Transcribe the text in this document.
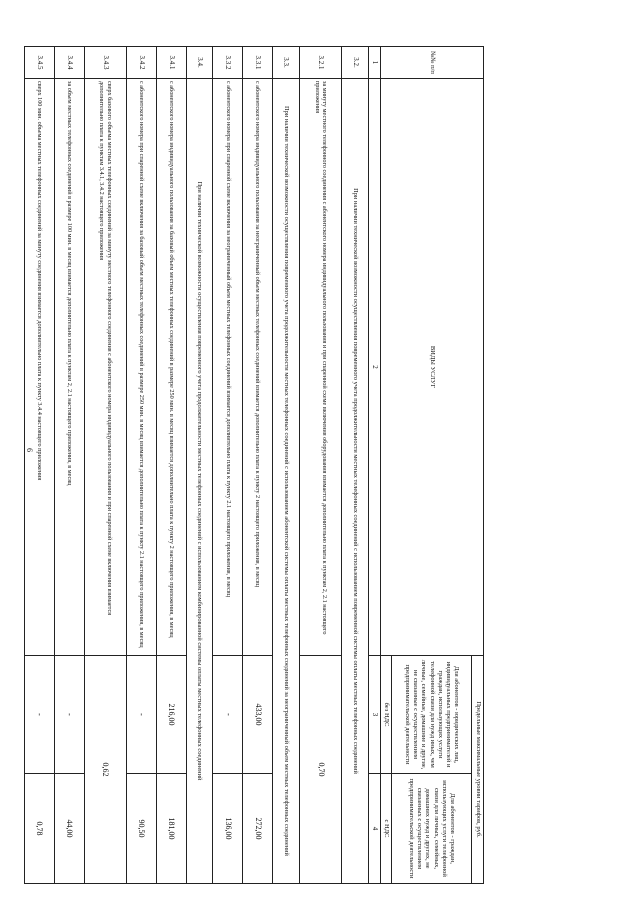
6
№№ п/п	ВИДЫ УСЛУГ	Предельные максимальные уровни тарифов, руб.	
		Для абонентов - юридических лиц, индивидуальных предпринимателей и граждан, использующих услуги телефонной связи для нужд иных, чем личные, семейные, домашние и другие, не связанные с осуществлением предпринимательской деятельности	Для абонентов - граждан, использующих услуги телефонной связи для личных, семейных, домашних нужд и других, не связанных с осуществлением предпринимательской деятельности
		без НДС	с НДС
1	2	3	4
3.2.	При наличии технической возможности осуществления повременного учета продолжительности местных телефонных соединений с использованием повременной системы оплаты местных телефонных соединений		
3.2.1	за минуту местного телефонного соединения с абонентского номера индивидуального пользования и при спаренной схеме включения оборудования взимается дополнительно плата к пунктам 2, 2.1 настоящего приложения	0,70	
3.3.	При наличии технической возможности осуществления повременного учета продолжительности местных телефонных соединений с использованием абонентской системы оплаты местных телефонных соединений за неограниченный объем местных телефонных соединений		
3.3.1	с абонентского номера индивидуального пользования за неограниченный объем местных телефонных соединений взимается дополнительно плата к пункту 2 настоящего приложения, в месяц	433,00	272,00
3.3.2	с абонентского номера при спаренной схеме включения за неограниченный объем местных телефонных соединений взимается дополнительно плата к пункту 2.1 настоящего приложения, в месяц	-	136,00
3.4.	При наличии технической возможности осуществления повременного учета продолжительности местных телефонных соединений с использованием комбинированной системы оплаты местных телефонных соединений		
3.4.1	с абонентского номера индивидуального пользования за базовый объем местных телефонных соединений в размере 250 мин. в месяц взимается дополнительно плата к пункту 2 настоящего приложения, в месяц	216,00	181,00
3.4.2	с абонентского номера при спаренной схеме включения за базовый объем местных телефонных соединений в размере 250 мин. в месяц взимается дополнительно плата к пункту 2.1 настоящего приложения, в месяц	-	90,50
3.4.3	сверх базового объема местных телефонных соединений за минуту местного телефонного соединения с абонентского номера индивидуального пользования и при спаренной схеме включения взимается дополнительно плата к пунктам 3.4.1, 3.4.2 настоящего приложения	0,62	
3.4.4	за объем местных телефонных соединений в размере 100 мин. в месяц взимается дополнительно плата к пунктам 2, 2.1 настоящего приложения, в месяц	-	44,00
3.4.5	сверх 100 мин. объема местных телефонных соединений за минуту соединения взимается дополнительно плата к пункту 3.4.4 настоящего приложения	-	0,78
